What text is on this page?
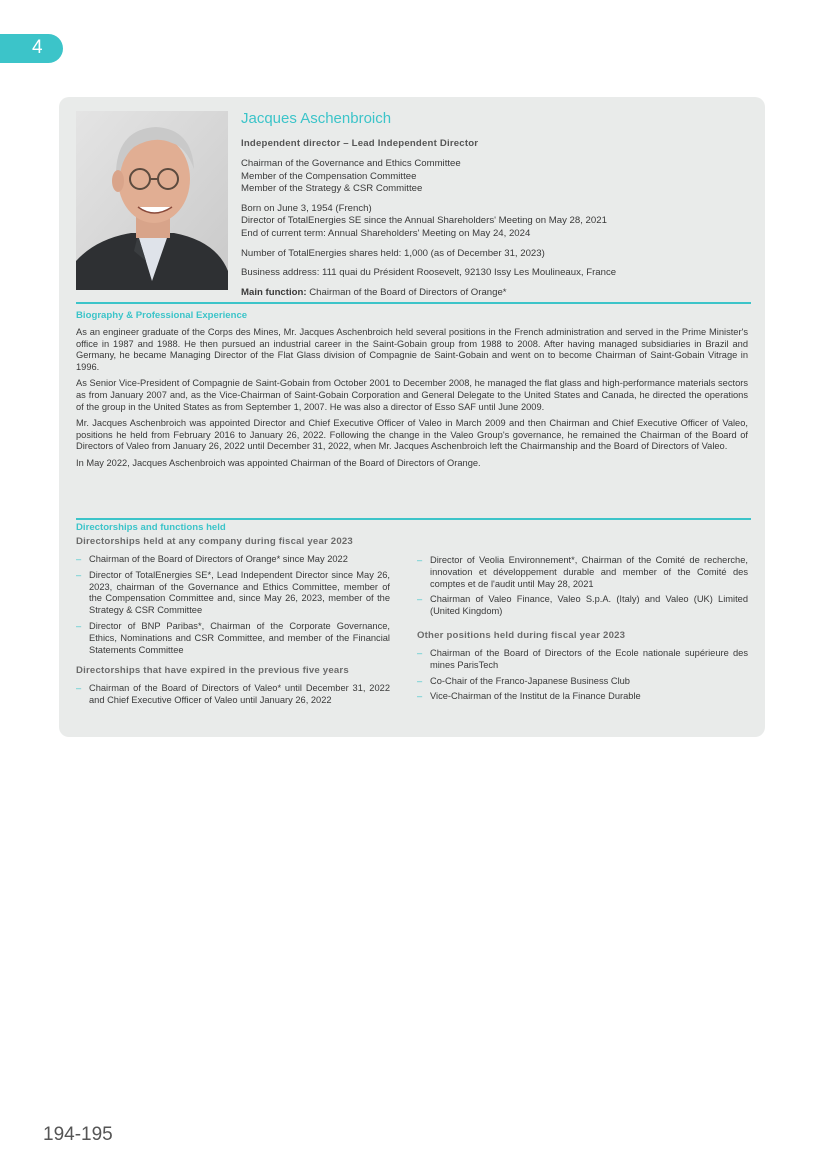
4

Jacques Aschenbroich

Independent director – Lead Independent Director

Chairman of the Governance and Ethics Committee

Member of the Compensation Committee

Member of the Strategy & CSR Committee

Born on June 3, 1954 (French)

Director of TotalEnergies SE since the Annual Shareholders' Meeting on May 28, 2021

End of current term: Annual Shareholders' Meeting on May 24, 2024

Number of TotalEnergies shares held: 1,000 (as of December 31, 2023)

Business address: 111 quai du Président Roosevelt, 92130 Issy Les Moulineaux, France

Main function: Chairman of the Board of Directors of Orange*

Biography & Professional Experience

As an engineer graduate of the Corps des Mines, Mr. Jacques Aschenbroich held several positions in the French administration and served in the Prime Minister's office in 1987 and 1988. He then pursued an industrial career in the Saint-Gobain group from 1988 to 2008. After having managed subsidiaries in Brazil and Germany, he became Managing Director of the Flat Glass division of Compagnie de Saint-Gobain and went on to become Chairman of Saint-Gobain Vitrage in 1996.

As Senior Vice-President of Compagnie de Saint-Gobain from October 2001 to December 2008, he managed the flat glass and high-performance materials sectors as from January 2007 and, as the Vice-Chairman of Saint-Gobain Corporation and General Delegate to the United States and Canada, he directed the operations of the group in the United States as from September 1, 2007. He was also a director of Esso SAF until June 2009.

Mr. Jacques Aschenbroich was appointed Director and Chief Executive Officer of Valeo in March 2009 and then Chairman and Chief Executive Officer of Valeo, positions he held from February 2016 to January 26, 2022. Following the change in the Valeo Group's governance, he remained the Chairman of the Board of Directors of Valeo from January 26, 2022 until December 31, 2022, when Mr. Jacques Aschenbroich left the Chairmanship and the Board of Directors of Valeo.

In May 2022, Jacques Aschenbroich was appointed Chairman of the Board of Directors of Orange.

Directorships and functions held

Directorships held at any company during fiscal year 2023

– Chairman of the Board of Directors of Orange* since May 2022
– Director of TotalEnergies SE*, Lead Independent Director since May 26, 2023, chairman of the Governance and Ethics Committee, member of the Compensation Committee and, since May 26, 2023, member of the Strategy & CSR Committee
– Director of BNP Paribas*, Chairman of the Corporate Governance, Ethics, Nominations and CSR Committee, and member of the Financial Statements Committee

Directorships that have expired in the previous five years

– Chairman of the Board of Directors of Valeo* until December 31, 2022 and Chief Executive Officer of Valeo until January 26, 2022
– Director of Veolia Environnement*, Chairman of the Comité de recherche, innovation et développement durable and member of the Comité des comptes et de l'audit until May 28, 2021
– Chairman of Valeo Finance, Valeo S.p.A. (Italy) and Valeo (UK) Limited (United Kingdom)

Other positions held during fiscal year 2023

– Chairman of the Board of Directors of the Ecole nationale supérieure des mines ParisTech
– Co-Chair of the Franco-Japanese Business Club
– Vice-Chairman of the Institut de la Finance Durable
194-195
